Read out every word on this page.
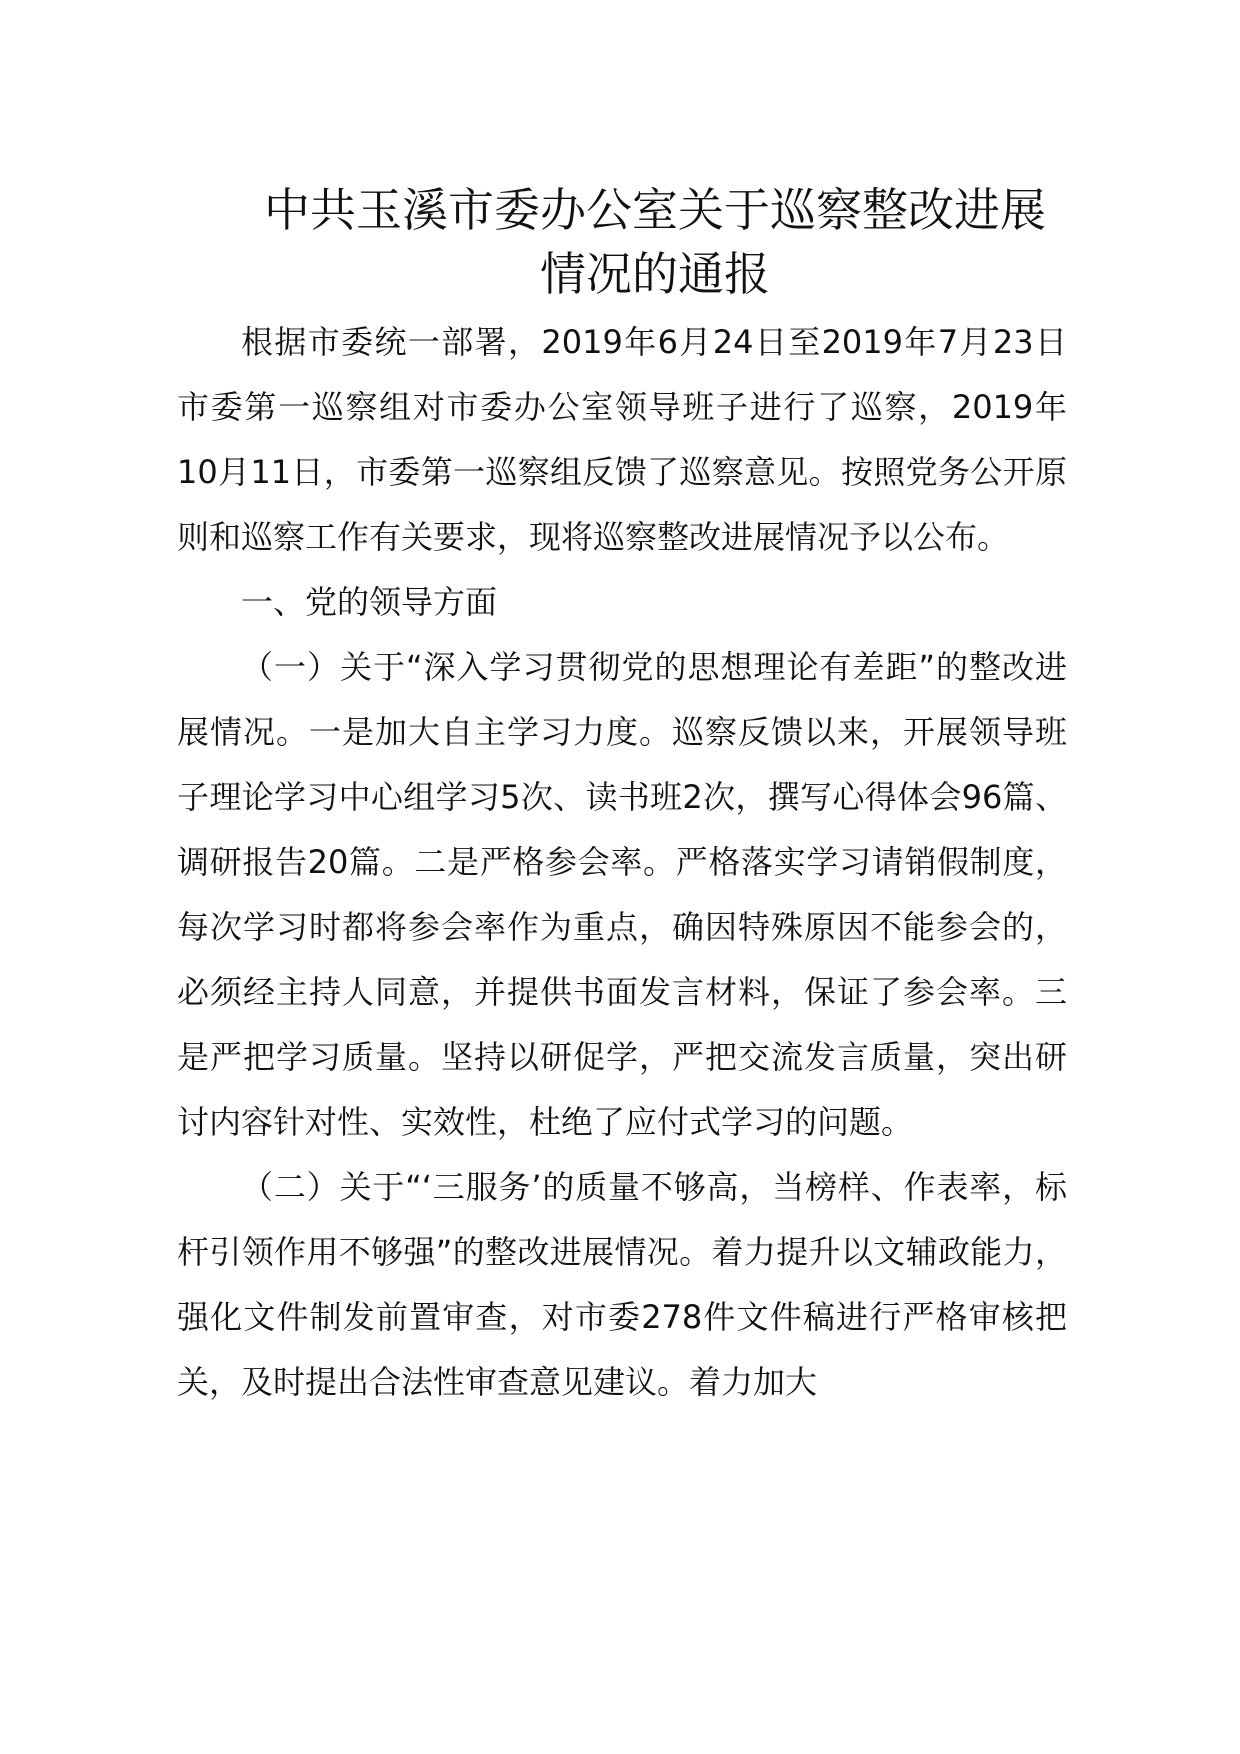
中共玉溪市委办公室关于巡察整改进展
情况的通报

根据市委统一部署，2019年6月24日至2019年7月23日市委第一巡察组对市委办公室领导班子进行了巡察，2019年10月11日，市委第一巡察组反馈了巡察意见。按照党务公开原则和巡察工作有关要求，现将巡察整改进展情况予以公布。

一、党的领导方面

（一）关于“深入学习贯彻党的思想理论有差距”的整改进展情况。一是加大自主学习力度。巡察反馈以来，开展领导班子理论学习中心组学习5次、读书班2次，撰写心得体会96篇、调研报告20篇。二是严格参会率。严格落实学习请销假制度，每次学习时都将参会率作为重点，确因特殊原因不能参会的，必须经主持人同意，并提供书面发言材料，保证了参会率。三是严把学习质量。坚持以研促学，严把交流发言质量，突出研讨内容针对性、实效性，杜绝了应付式学习的问题。

（二）关于“‘三服务’的质量不够高，当榜样、作表率，标杆引领作用不够强”的整改进展情况。着力提升以文辅政能力，强化文件制发前置审查，对市委278件文件稿进行严格审核把关，及时提出合法性审查意见建议。着力加大
